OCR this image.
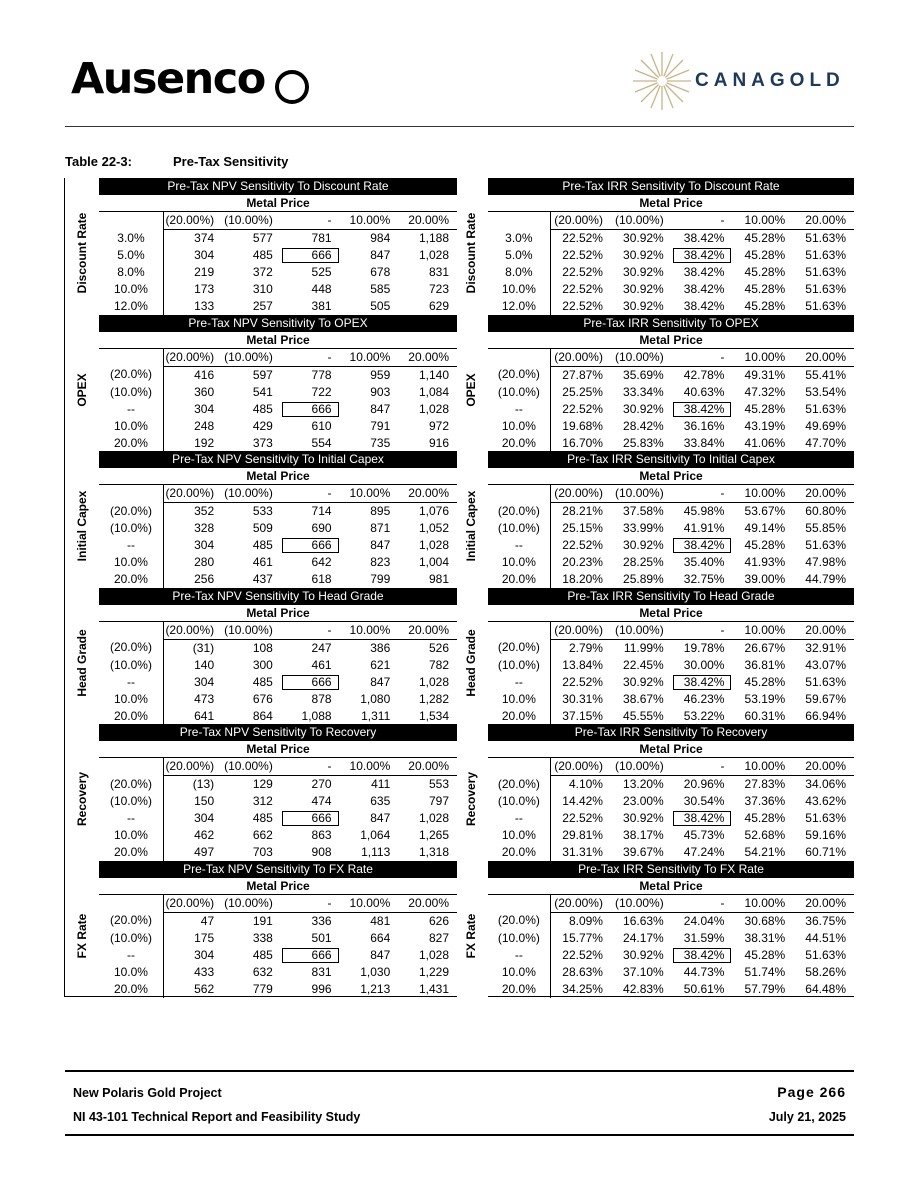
Ausenco	CANAGOLD
Table 22-3:	Pre-Tax Sensitivity
Discount Rate
Pre-Tax NPV Sensitivity To Discount Rate
Metal Price
	(20.00%)	(10.00%)	-	10.00%	20.00%
3.0%	374	577	781	984	1,188
5.0%	304	485	666	847	1,028
8.0%	219	372	525	678	831
10.0%	173	310	448	585	723
12.0%	133	257	381	505	629
OPEX
Pre-Tax NPV Sensitivity To OPEX
Metal Price
	(20.00%)	(10.00%)	-	10.00%	20.00%
(20.0%)	416	597	778	959	1,140
(10.0%)	360	541	722	903	1,084
--	304	485	666	847	1,028
10.0%	248	429	610	791	972
20.0%	192	373	554	735	916
Initial Capex
Pre-Tax NPV Sensitivity To Initial Capex
Metal Price
	(20.00%)	(10.00%)	-	10.00%	20.00%
(20.0%)	352	533	714	895	1,076
(10.0%)	328	509	690	871	1,052
--	304	485	666	847	1,028
10.0%	280	461	642	823	1,004
20.0%	256	437	618	799	981
Head Grade
Pre-Tax NPV Sensitivity To Head Grade
Metal Price
	(20.00%)	(10.00%)	-	10.00%	20.00%
(20.0%)	(31)	108	247	386	526
(10.0%)	140	300	461	621	782
--	304	485	666	847	1,028
10.0%	473	676	878	1,080	1,282
20.0%	641	864	1,088	1,311	1,534
Recovery
Pre-Tax NPV Sensitivity To Recovery
Metal Price
	(20.00%)	(10.00%)	-	10.00%	20.00%
(20.0%)	(13)	129	270	411	553
(10.0%)	150	312	474	635	797
--	304	485	666	847	1,028
10.0%	462	662	863	1,064	1,265
20.0%	497	703	908	1,113	1,318
FX Rate
Pre-Tax NPV Sensitivity To FX Rate
Metal Price
	(20.00%)	(10.00%)	-	10.00%	20.00%
(20.0%)	47	191	336	481	626
(10.0%)	175	338	501	664	827
--	304	485	666	847	1,028
10.0%	433	632	831	1,030	1,229
20.0%	562	779	996	1,213	1,431
Discount Rate
Pre-Tax IRR Sensitivity To Discount Rate
Metal Price
	(20.00%)	(10.00%)	-	10.00%	20.00%
3.0%	22.52%	30.92%	38.42%	45.28%	51.63%
5.0%	22.52%	30.92%	38.42%	45.28%	51.63%
8.0%	22.52%	30.92%	38.42%	45.28%	51.63%
10.0%	22.52%	30.92%	38.42%	45.28%	51.63%
12.0%	22.52%	30.92%	38.42%	45.28%	51.63%
OPEX
Pre-Tax IRR Sensitivity To OPEX
Metal Price
	(20.00%)	(10.00%)	-	10.00%	20.00%
(20.0%)	27.87%	35.69%	42.78%	49.31%	55.41%
(10.0%)	25.25%	33.34%	40.63%	47.32%	53.54%
--	22.52%	30.92%	38.42%	45.28%	51.63%
10.0%	19.68%	28.42%	36.16%	43.19%	49.69%
20.0%	16.70%	25.83%	33.84%	41.06%	47.70%
Initial Capex
Pre-Tax IRR Sensitivity To Initial Capex
Metal Price
	(20.00%)	(10.00%)	-	10.00%	20.00%
(20.0%)	28.21%	37.58%	45.98%	53.67%	60.80%
(10.0%)	25.15%	33.99%	41.91%	49.14%	55.85%
--	22.52%	30.92%	38.42%	45.28%	51.63%
10.0%	20.23%	28.25%	35.40%	41.93%	47.98%
20.0%	18.20%	25.89%	32.75%	39.00%	44.79%
Head Grade
Pre-Tax IRR Sensitivity To Head Grade
Metal Price
	(20.00%)	(10.00%)	-	10.00%	20.00%
(20.0%)	2.79%	11.99%	19.78%	26.67%	32.91%
(10.0%)	13.84%	22.45%	30.00%	36.81%	43.07%
--	22.52%	30.92%	38.42%	45.28%	51.63%
10.0%	30.31%	38.67%	46.23%	53.19%	59.67%
20.0%	37.15%	45.55%	53.22%	60.31%	66.94%
Recovery
Pre-Tax IRR Sensitivity To Recovery
Metal Price
	(20.00%)	(10.00%)	-	10.00%	20.00%
(20.0%)	4.10%	13.20%	20.96%	27.83%	34.06%
(10.0%)	14.42%	23.00%	30.54%	37.36%	43.62%
--	22.52%	30.92%	38.42%	45.28%	51.63%
10.0%	29.81%	38.17%	45.73%	52.68%	59.16%
20.0%	31.31%	39.67%	47.24%	54.21%	60.71%
FX Rate
Pre-Tax IRR Sensitivity To FX Rate
Metal Price
	(20.00%)	(10.00%)	-	10.00%	20.00%
(20.0%)	8.09%	16.63%	24.04%	30.68%	36.75%
(10.0%)	15.77%	24.17%	31.59%	38.31%	44.51%
--	22.52%	30.92%	38.42%	45.28%	51.63%
10.0%	28.63%	37.10%	44.73%	51.74%	58.26%
20.0%	34.25%	42.83%	50.61%	57.79%	64.48%
New Polaris Gold Project
NI 43-101 Technical Report and Feasibility Study
Page 266
July 21, 2025
